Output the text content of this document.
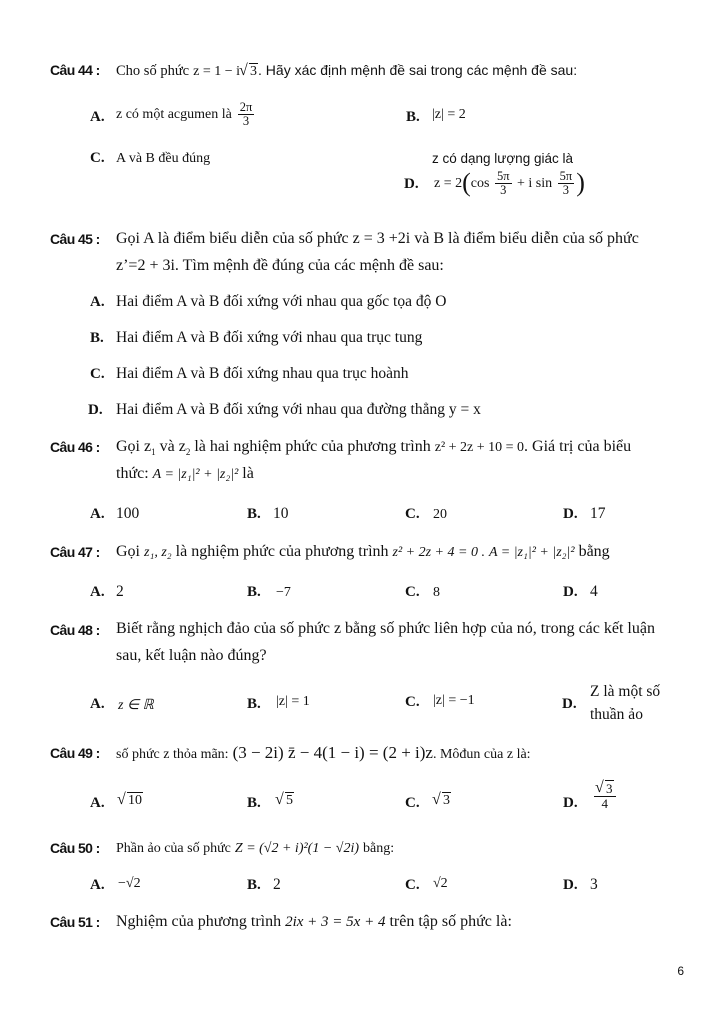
Câu 44 : Cho số phức z = 1 − i √ 3. Hãy xác định mệnh đề sai trong các mệnh đề sau:
A. z có một acgumen là $\frac{2\pi}{3}$	B. |z| = 2
C. A và B đều đúng	z có dạng lượng giác là
D. $z = 2(\cos \frac{5\pi}{3} + i$ $\sin \frac{5\pi}{3}$ )
Câu 45 : Gọi A là điểm biểu diễn của số phức z = 3 +2i và B là điểm biểu diễn của số phức
z’=2 + 3i. Tìm mệnh đề đúng của các mệnh đề sau:
A. Hai điểm A và B đối xứng với nhau qua gốc tọa độ O
B. Hai điểm A và B đối xứng với nhau qua trục tung
C. Hai điểm A và B đối xứng nhau qua trục hoành
D. Hai điểm A và B đối xứng với nhau qua đường thẳng y = x
Câu 46 : Gọi $z_1$ và $z_2$ là hai nghiệm phức của phương trình z² + 2z + 10 = 0. Giá trị của biểu
thức: A = |z₁|² + |z₂|² là
A. 100	B. 10	C. 20	D. 17
Câu 47 : Gọi z₁, z₂ là nghiệm phức của phương trình z² + 2z + 4 = 0 . A = |z₁|² + |z₂|² bằng
A. 2	B. −7	C. 8	D. 4
Câu 48 : Biết rằng nghịch đảo của số phức z bằng số phức liên hợp của nó, trong các kết luận
sau, kết luận nào đúng?
A. z ∈ ℝ	B. |z| = 1	C. |z| = −1	D.
Z là một số
thuần ảo
Câu 49 : số phức z thỏa mãn: (3 − 2i) z̄ − 4(1 − i) = (2 + i)z. Môđun của z là:
A.	√ 10	B.	√ 5	C.	√ 3	D. √ $\frac{3}{4}$
Câu 50 : Phần ảo của số phức Z = (√2 + i)²(1 − √2i) bằng:
A. −√2	B. 2	C. √2	D. 3
Câu 51 : Nghiệm của phương trình 2ix + 3 = 5x + 4 trên tập số phức là:
6
